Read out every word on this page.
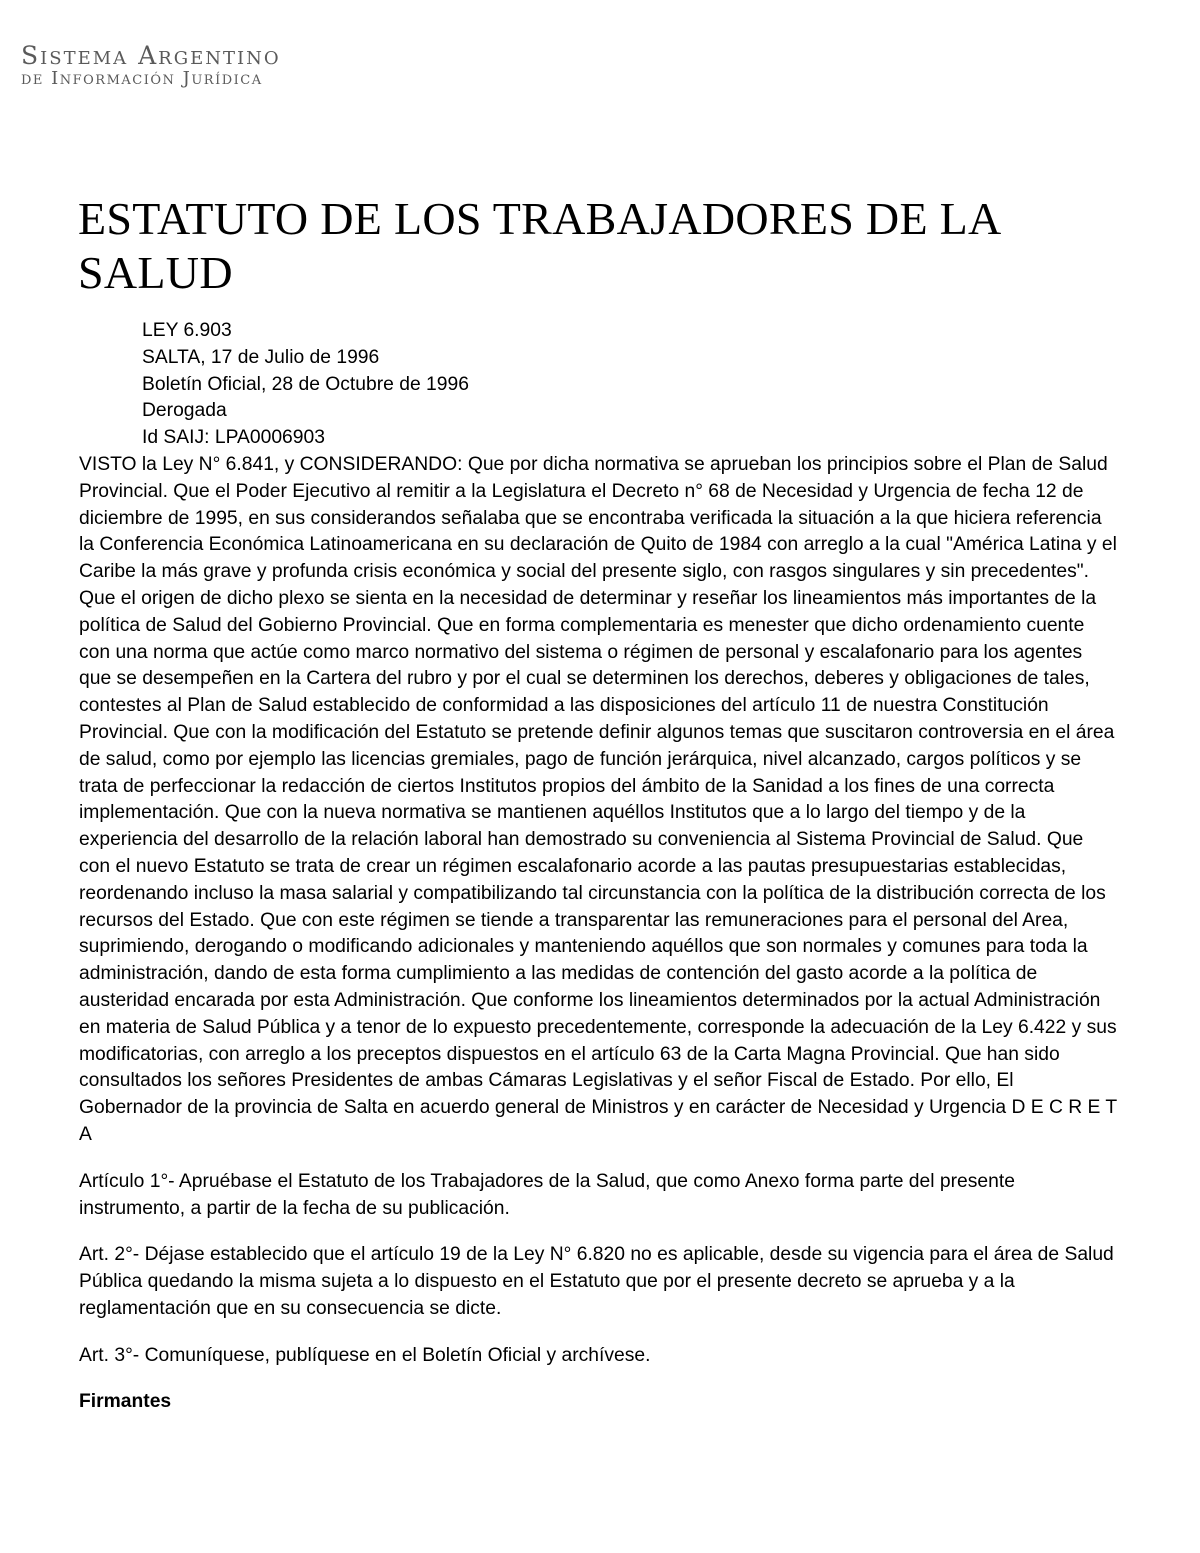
Sistema Argentino
de Información Jurídica
ESTATUTO DE LOS TRABAJADORES DE LA SALUD
LEY 6.903
SALTA, 17 de Julio de 1996
Boletín Oficial, 28 de Octubre de 1996
Derogada
Id SAIJ: LPA0006903

VISTO la Ley N° 6.841, y CONSIDERANDO: Que por dicha normativa se aprueban los principios sobre el Plan de Salud Provincial. Que el Poder Ejecutivo al remitir a la Legislatura el Decreto n° 68 de Necesidad y Urgencia de fecha 12 de diciembre de 1995, en sus considerandos señalaba que se encontraba verificada la situación a la que hiciera referencia la Conferencia Económica Latinoamericana en su declaración de Quito de 1984 con arreglo a la cual "América Latina y el Caribe la más grave y profunda crisis económica y social del presente siglo, con rasgos singulares y sin precedentes". Que el origen de dicho plexo se sienta en la necesidad de determinar y reseñar los lineamientos más importantes de la política de Salud del Gobierno Provincial. Que en forma complementaria es menester que dicho ordenamiento cuente con una norma que actúe como marco normativo del sistema o régimen de personal y escalafonario para los agentes que se desempeñen en la Cartera del rubro y por el cual se determinen los derechos, deberes y obligaciones de tales, contestes al Plan de Salud establecido de conformidad a las disposiciones del artículo 11 de nuestra Constitución Provincial. Que con la modificación del Estatuto se pretende definir algunos temas que suscitaron controversia en el área de salud, como por ejemplo las licencias gremiales, pago de función jerárquica, nivel alcanzado, cargos políticos y se trata de perfeccionar la redacción de ciertos Institutos propios del ámbito de la Sanidad a los fines de una correcta implementación. Que con la nueva normativa se mantienen aquéllos Institutos que a lo largo del tiempo y de la experiencia del desarrollo de la relación laboral han demostrado su conveniencia al Sistema Provincial de Salud. Que con el nuevo Estatuto se trata de crear un régimen escalafonario acorde a las pautas presupuestarias establecidas, reordenando incluso la masa salarial y compatibilizando tal circunstancia con la política de la distribución correcta de los recursos del Estado. Que con este régimen se tiende a transparentar las remuneraciones para el personal del Area, suprimiendo, derogando o modificando adicionales y manteniendo aquéllos que son normales y comunes para toda la administración, dando de esta forma cumplimiento a las medidas de contención del gasto acorde a la política de austeridad encarada por esta Administración. Que conforme los lineamientos determinados por la actual Administración en materia de Salud Pública y a tenor de lo expuesto precedentemente, corresponde la adecuación de la Ley 6.422 y sus modificatorias, con arreglo a los preceptos dispuestos en el artículo 63 de la Carta Magna Provincial. Que han sido consultados los señores Presidentes de ambas Cámaras Legislativas y el señor Fiscal de Estado. Por ello, El Gobernador de la provincia de Salta en acuerdo general de Ministros y en carácter de Necesidad y Urgencia D E C R E T A

Artículo 1°- Apruébase el Estatuto de los Trabajadores de la Salud, que como Anexo forma parte del presente instrumento, a partir de la fecha de su publicación.

Art. 2°- Déjase establecido que el artículo 19 de la Ley N° 6.820 no es aplicable, desde su vigencia para el área de Salud Pública quedando la misma sujeta a lo dispuesto en el Estatuto que por el presente decreto se aprueba y a la reglamentación que en su consecuencia se dicte.

Art. 3°- Comuníquese, publíquese en el Boletín Oficial y archívese.

Firmantes
